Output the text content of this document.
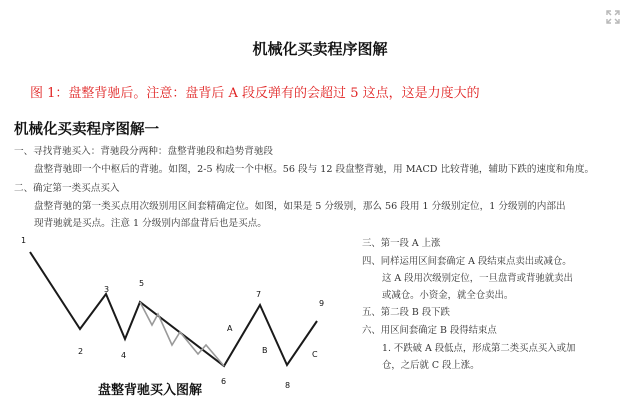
机械化买卖程序图解
图 1：盘整背驰后。注意：盘背后 A 段反弹有的会超过 5 这点，这是力度大的
机械化买卖程序图解一
一、寻找背驰买入：背驰段分两种：盘整背驰段和趋势背驰段
盘整背驰即一个中枢后的背驰。如图，2-5 构成一个中枢。56 段与 12 段盘整背驰，用 MACD 比较背驰，辅助下跌的速度和角度。
二、确定第一类买点买入
盘整背驰的第一类买点用次级别用区间套精确定位。如图，如果是 5 分级别，那么 56 段用 1 分级别定位，1 分级别的内部出
现背驰就是买点。注意 1 分级别内部盘背后也是买点。
1
2
3
4
5
6
7
8
9
A
B	C
盘整背驰买入图解
三、第一段 A 上涨
四、同样运用区间套确定 A 段结束点卖出或减仓。
这 A 段用次级别定位，一旦盘背或背驰就卖出
或减仓。小资金，就全仓卖出。
五、第二段 B 段下跌
六、用区间套确定 B 段得结束点
1. 不跌破 A 段低点，形成第二类买点买入或加
仓，之后就 C 段上涨。
